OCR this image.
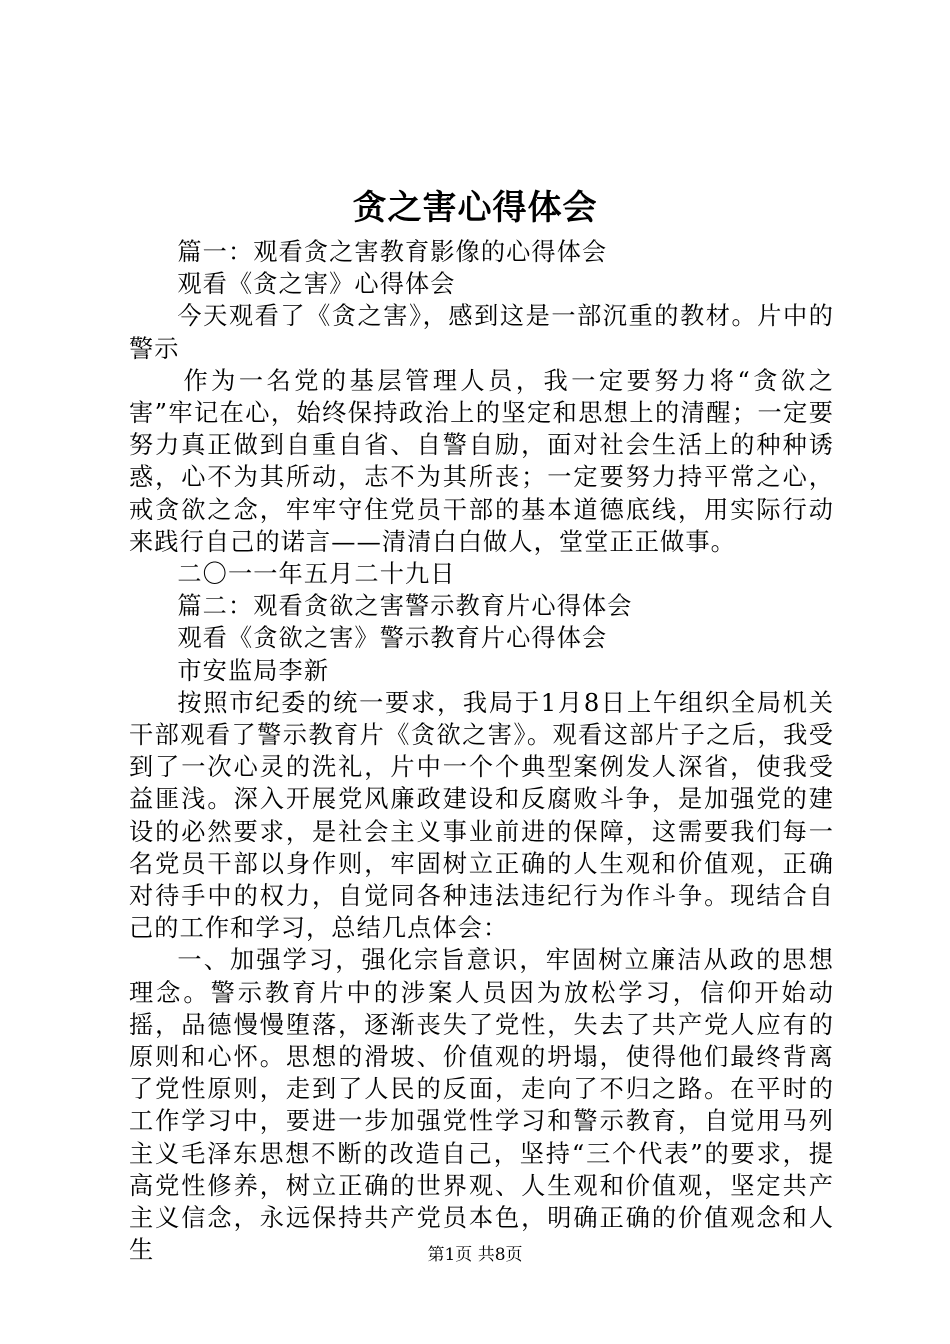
贪之害心得体会

篇一：观看贪之害教育影像的心得体会

观看《贪之害》心得体会

今天观看了《贪之害》，感到这是一部沉重的教材。片中的警示

作为一名党的基层管理人员，我一定要努力将“贪欲之害”牢记在心，始终保持政治上的坚定和思想上的清醒；一定要努力真正做到自重自省、自警自励，面对社会生活上的种种诱惑，心不为其所动，志不为其所丧；一定要努力持平常之心，戒贪欲之念，牢牢守住党员干部的基本道德底线，用实际行动来践行自己的诺言——清清白白做人，堂堂正正做事。

二〇一一年五月二十九日

篇二：观看贪欲之害警示教育片心得体会

观看《贪欲之害》警示教育片心得体会

市安监局李新

按照市纪委的统一要求，我局于1月8日上午组织全局机关干部观看了警示教育片《贪欲之害》。观看这部片子之后，我受到了一次心灵的洗礼，片中一个个典型案例发人深省，使我受益匪浅。深入开展党风廉政建设和反腐败斗争，是加强党的建设的必然要求，是社会主义事业前进的保障，这需要我们每一名党员干部以身作则，牢固树立正确的人生观和价值观，正确对待手中的权力，自觉同各种违法违纪行为作斗争。现结合自己的工作和学习，总结几点体会：

一、加强学习，强化宗旨意识，牢固树立廉洁从政的思想理念。警示教育片中的涉案人员因为放松学习，信仰开始动摇，品德慢慢堕落，逐渐丧失了党性，失去了共产党人应有的原则和心怀。思想的滑坡、价值观的坍塌，使得他们最终背离了党性原则，走到了人民的反面，走向了不归之路。在平时的工作学习中，要进一步加强党性学习和警示教育，自觉用马列主义毛泽东思想不断的改造自己，坚持“三个代表”的要求，提高党性修养，树立正确的世界观、人生观和价值观，坚定共产主义信念，永远保持共产党员本色，明确正确的价值观念和人生	第1页 共8页
